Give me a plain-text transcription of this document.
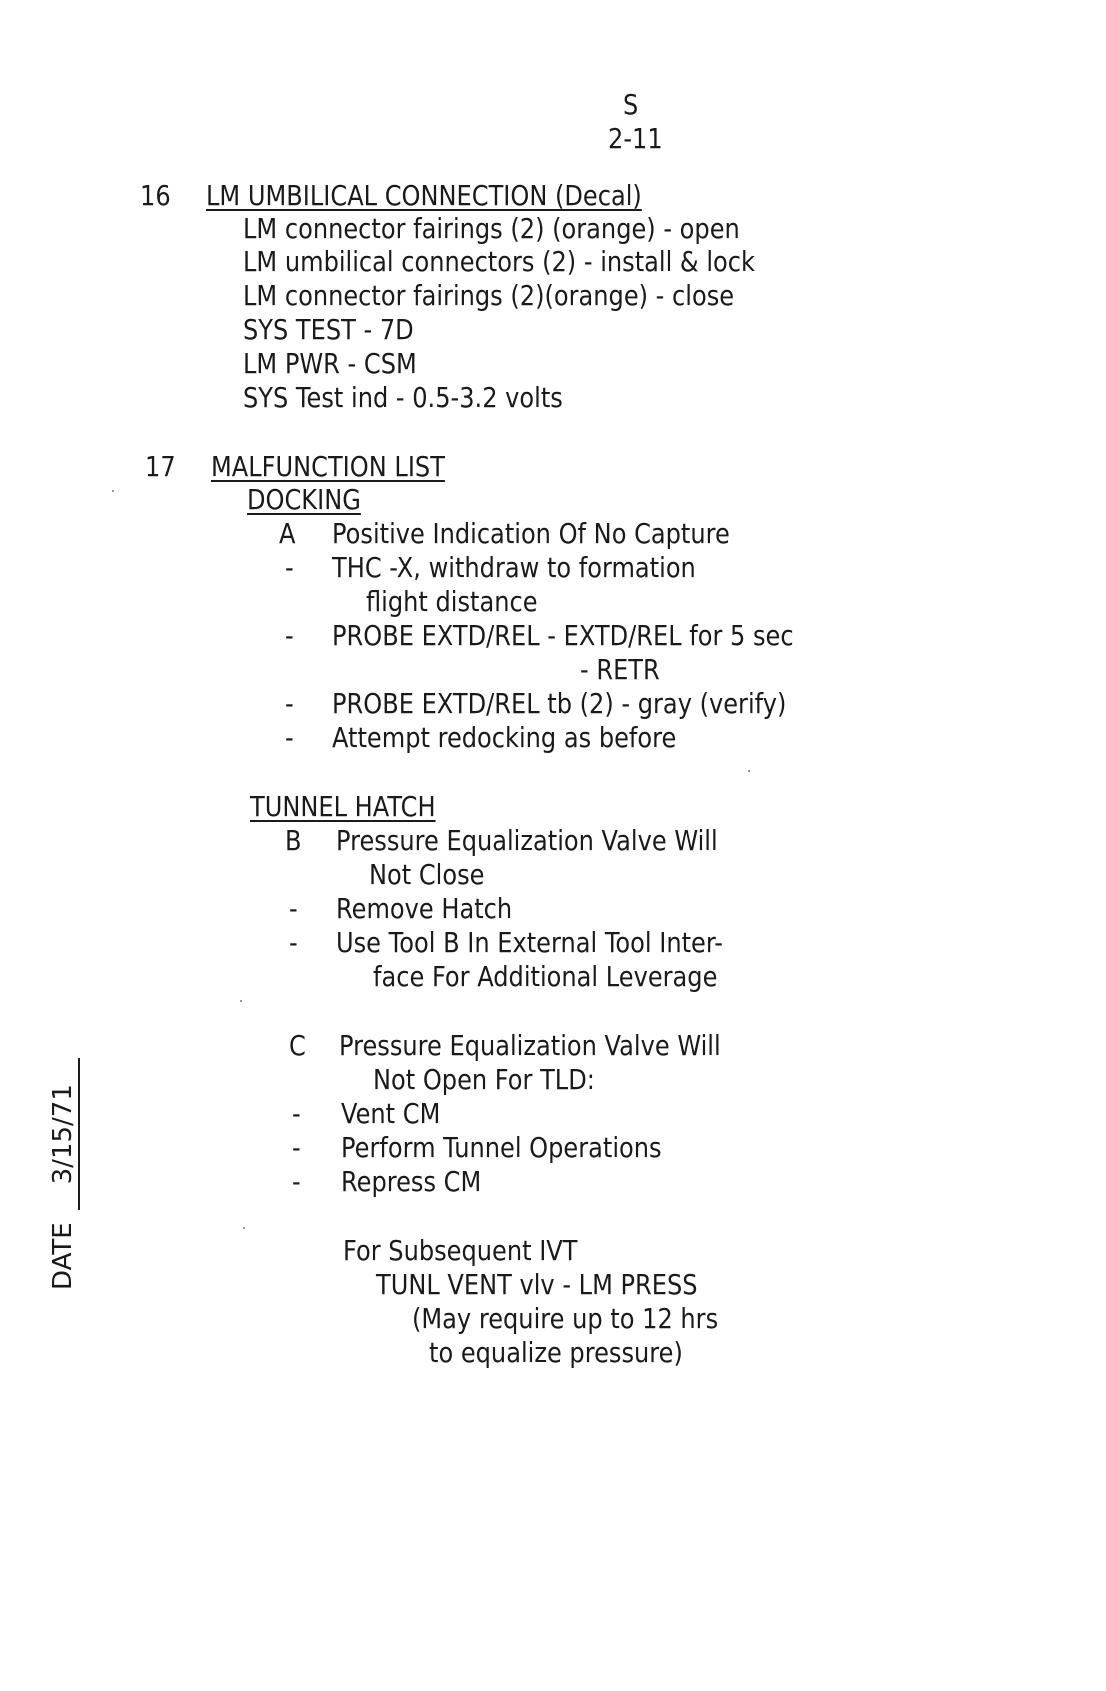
S
2-11
16 LM UMBILICAL CONNECTION (Decal)
LM connector fairings (2) (orange) - open
LM umbilical connectors (2) - install & lock
LM connector fairings (2)(orange) - close
SYS TEST - 7D
LM PWR - CSM
SYS Test ind - 0.5-3.2 volts
17 MALFUNCTION LIST
DOCKING
A Positive Indication Of No Capture
- THC -X, withdraw to formation
flight distance
- PROBE EXTD/REL - EXTD/REL for 5 sec
- RETR
- PROBE EXTD/REL tb (2) - gray (verify)
- Attempt redocking as before
TUNNEL HATCH
B Pressure Equalization Valve Will
Not Close
- Remove Hatch
- Use Tool B In External Tool Inter-
face For Additional Leverage
C Pressure Equalization Valve Will
Not Open For TLD:
- Vent CM
- Perform Tunnel Operations
- Repress CM
For Subsequent IVT
TUNL VENT vlv - LM PRESS
(May require up to 12 hrs
to equalize pressure)
DATE3/15/71
